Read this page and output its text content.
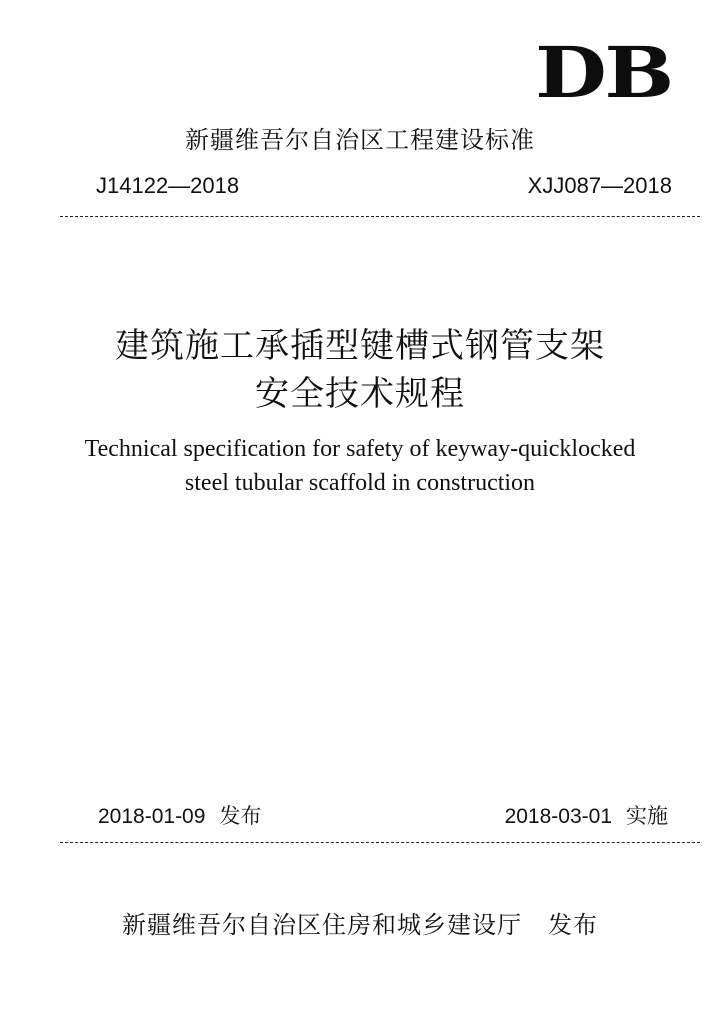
DB
新疆维吾尔自治区工程建设标准
J14122—2018	XJJ087—2018
建筑施工承插型键槽式钢管支架
安全技术规程
Technical specification for safety of keyway-quicklocked
steel tubular scaffold in construction
2018-01-09 发布	2018-03-01 实施
新疆维吾尔自治区住房和城乡建设厅 发布
